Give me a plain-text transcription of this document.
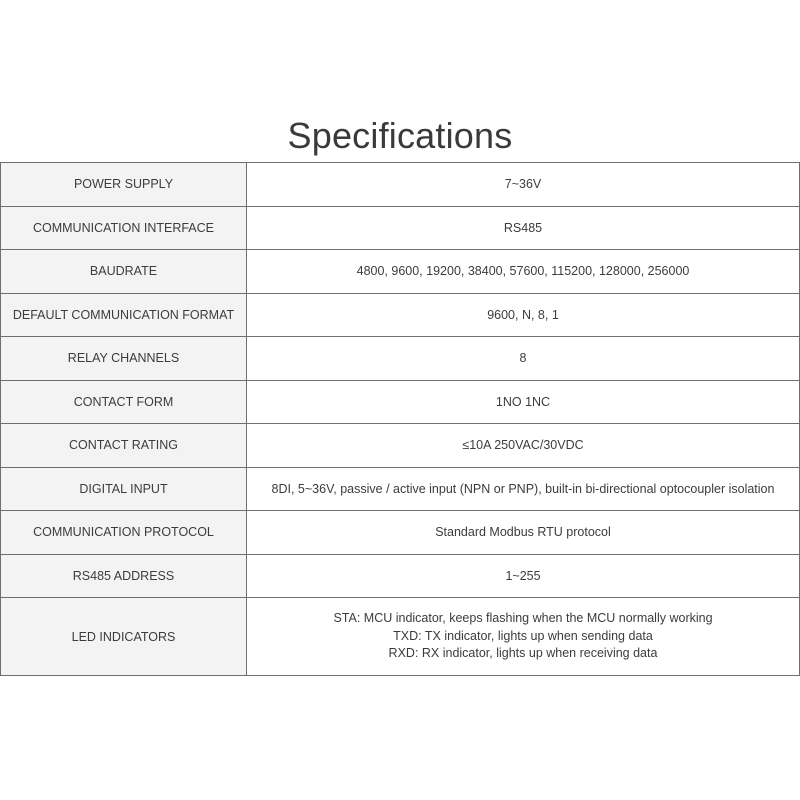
Specifications
POWER SUPPLY	7~36V
COMMUNICATION INTERFACE	RS485
BAUDRATE	4800, 9600, 19200, 38400, 57600, 115200, 128000, 256000
DEFAULT COMMUNICATION FORMAT	9600, N, 8, 1
RELAY CHANNELS	8
CONTACT FORM	1NO 1NC
CONTACT RATING	≤10A 250VAC/30VDC
DIGITAL INPUT	8DI, 5~36V, passive / active input (NPN or PNP), built-in bi-directional optocoupler isolation
COMMUNICATION PROTOCOL	Standard Modbus RTU protocol
RS485 ADDRESS	1~255
LED INDICATORS	STA: MCU indicator, keeps flashing when the MCU normally working
TXD: TX indicator, lights up when sending data
RXD: RX indicator, lights up when receiving data
